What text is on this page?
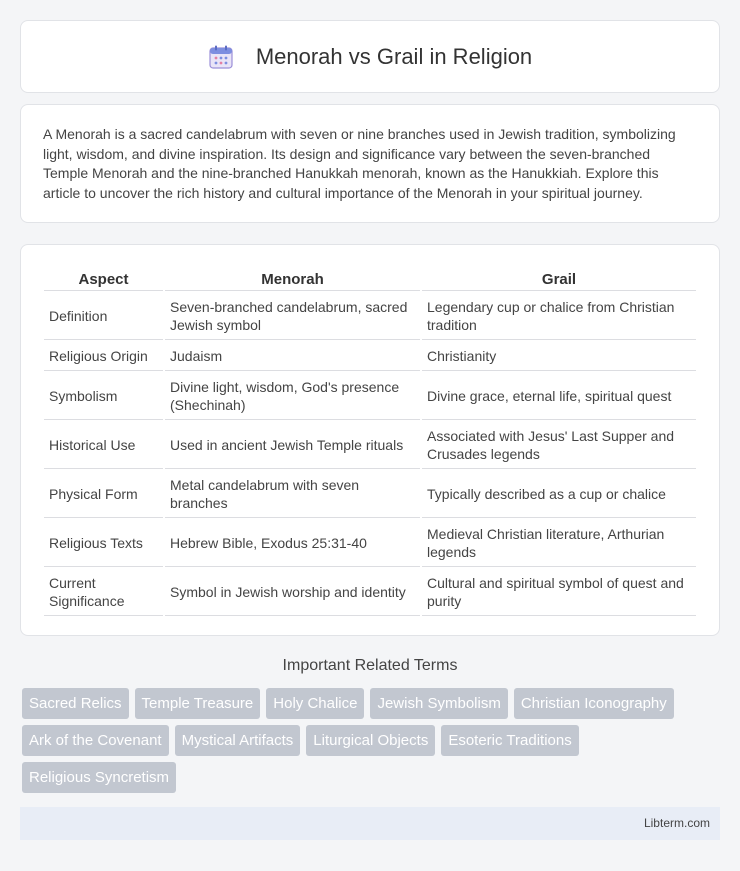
Menorah vs Grail in Religion

A Menorah is a sacred candelabrum with seven or nine branches used in Jewish tradition, symbolizing light, wisdom, and divine inspiration. Its design and significance vary between the seven-branched Temple Menorah and the nine-branched Hanukkah menorah, known as the Hanukkiah. Explore this article to uncover the rich history and cultural importance of the Menorah in your spiritual journey.

Aspect	Menorah	Grail
Definition	Seven-branched candelabrum, sacred Jewish symbol	Legendary cup or chalice from Christian tradition
Religious Origin	Judaism	Christianity
Symbolism	Divine light, wisdom, God's presence (Shechinah)	Divine grace, eternal life, spiritual quest
Historical Use	Used in ancient Jewish Temple rituals	Associated with Jesus' Last Supper and Crusades legends
Physical Form	Metal candelabrum with seven branches	Typically described as a cup or chalice
Religious Texts	Hebrew Bible, Exodus 25:31-40	Medieval Christian literature, Arthurian legends
Current Significance	Symbol in Jewish worship and identity	Cultural and spiritual symbol of quest and purity
Important Related Terms
Sacred Relics	Temple Treasure	Holy Chalice	Jewish Symbolism	Christian Iconography
Ark of the Covenant	Mystical Artifacts	Liturgical Objects	Esoteric Traditions
Religious Syncretism
Libterm.com
